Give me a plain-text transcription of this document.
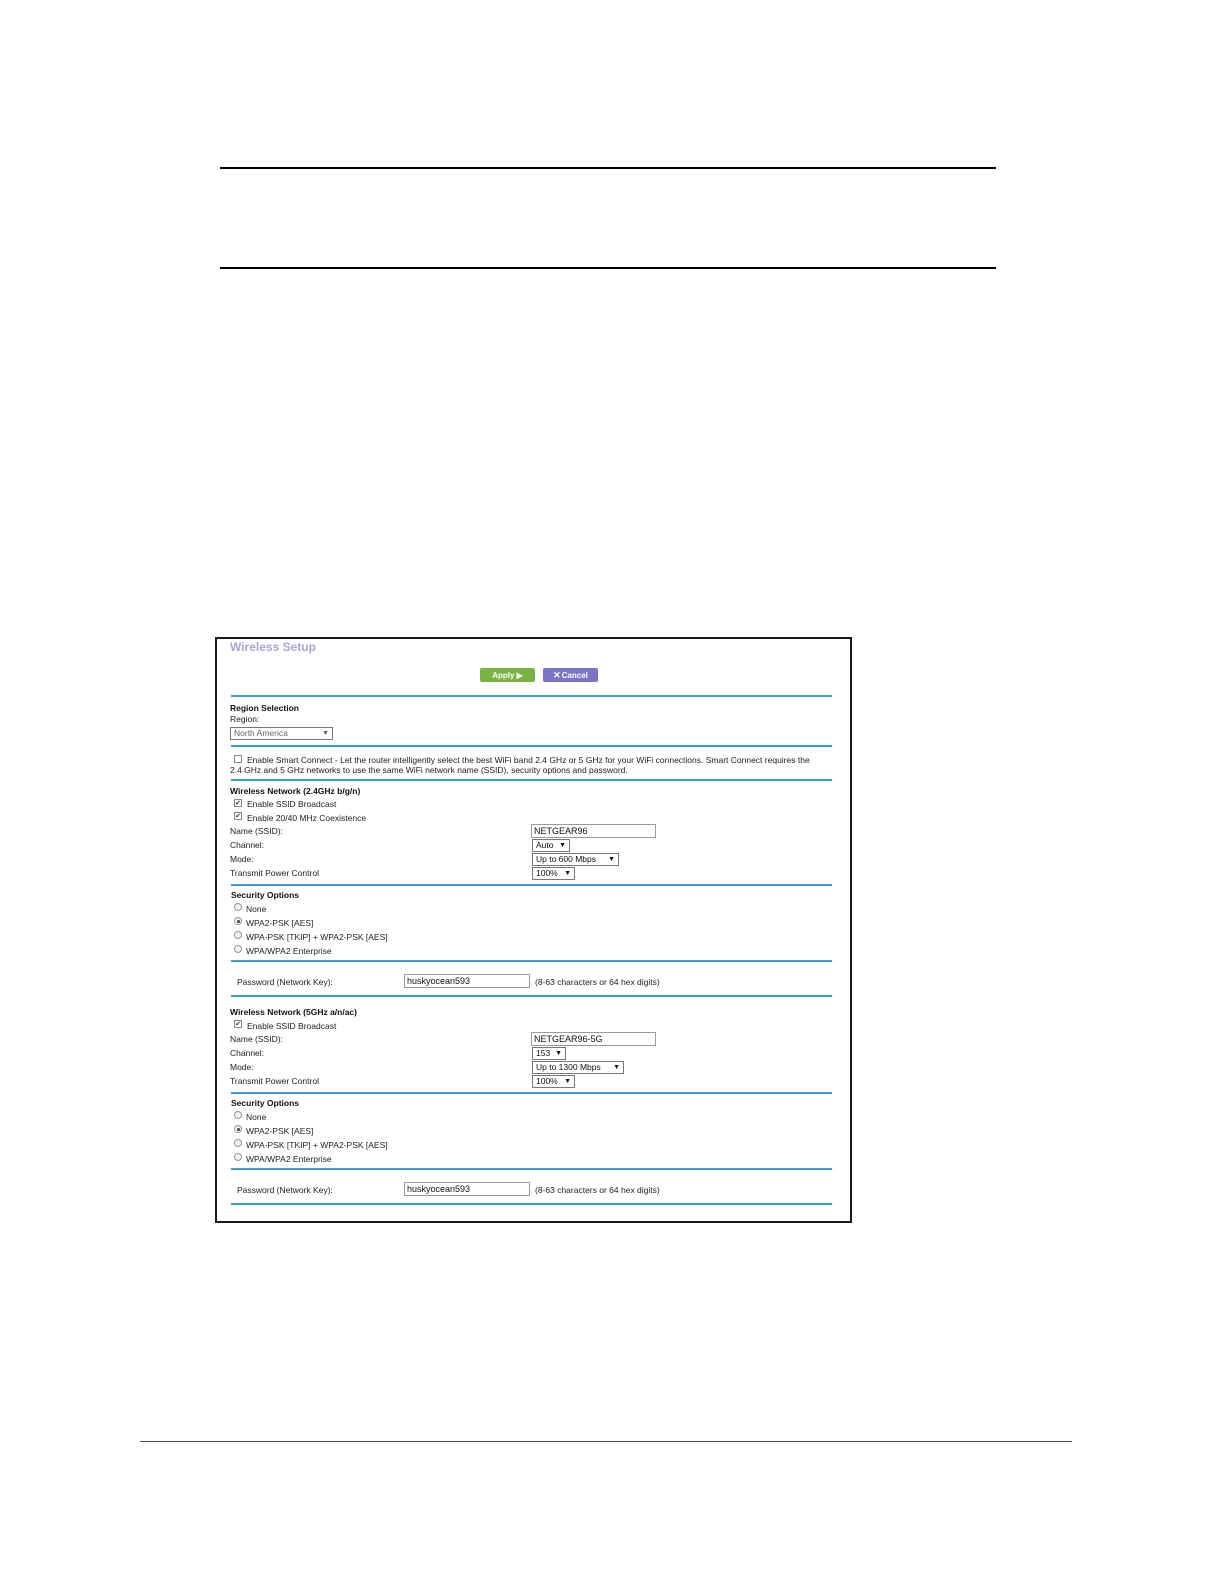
Wireless Setup
Apply ▶	✕ Cancel
Region Selection
Region:
North America	▼
Enable Smart Connect - Let the router intelligently select the best WiFi band 2.4 GHz or 5 GHz for your WiFi connections. Smart Connect requires the
2.4 GHz and 5 GHz networks to use the same WiFi network name (SSID), security options and password.
Wireless Network (2.4GHz b/g/n)
✔ Enable SSID Broadcast
✔ Enable 20/40 MHz Coexistence
Name (SSID):	NETGEAR96
Channel:	Auto ▼
Mode:	Up to 600 Mbps ▼
Transmit Power Control	100% ▼
Security Options
None
WPA2-PSK [AES]
WPA-PSK [TKIP] + WPA2-PSK [AES]
WPA/WPA2 Enterprise
Password (Network Key):	huskyocean593	(8-63 characters or 64 hex digits)
Wireless Network (5GHz a/n/ac)
✔ Enable SSID Broadcast
Name (SSID):	NETGEAR96-5G
Channel:	153 ▼
Mode:	Up to 1300 Mbps ▼
Transmit Power Control	100% ▼
Security Options
None
WPA2-PSK [AES]
WPA-PSK [TKIP] + WPA2-PSK [AES]
WPA/WPA2 Enterprise
Password (Network Key):	huskyocean593	(8-63 characters or 64 hex digits)
